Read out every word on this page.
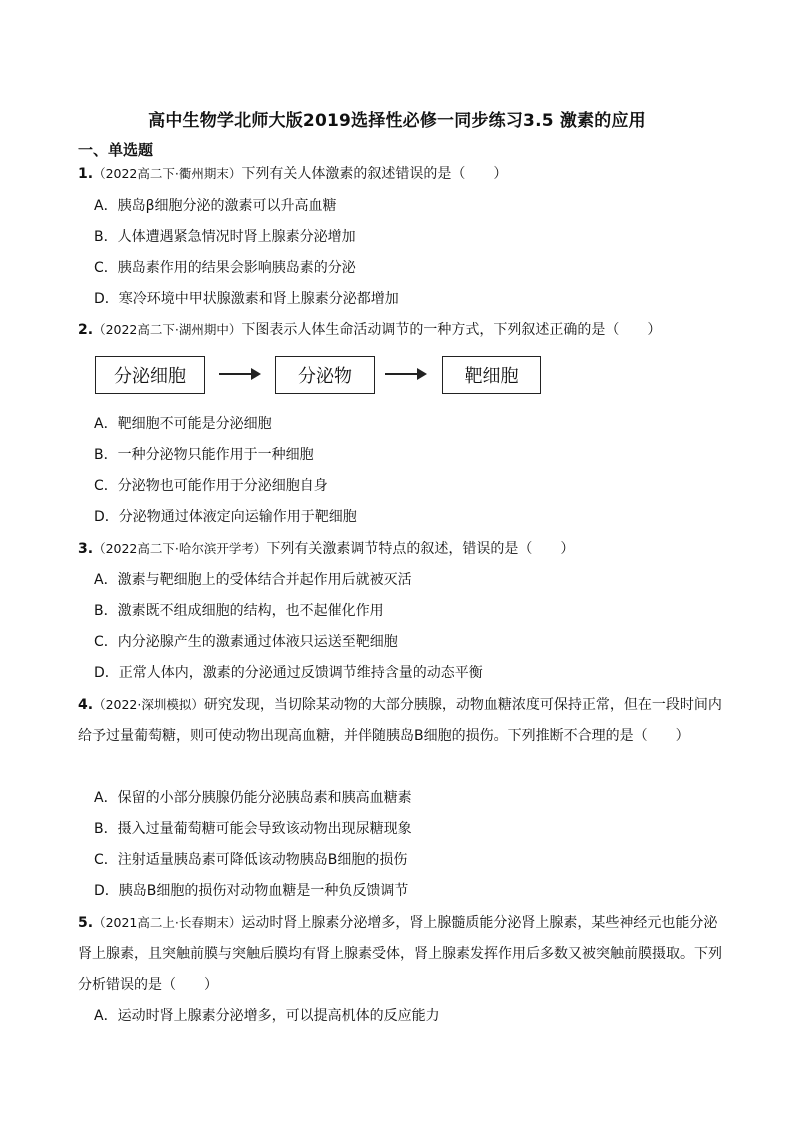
高中生物学北师大版2019选择性必修一同步练习3.5 激素的应用
一、单选题
1.（2022高二下·衢州期末）下列有关人体激素的叙述错误的是（　　）
A．胰岛β细胞分泌的激素可以升高血糖
B．人体遭遇紧急情况时肾上腺素分泌增加
C．胰岛素作用的结果会影响胰岛素的分泌
D．寒冷环境中甲状腺激素和肾上腺素分泌都增加
2.（2022高二下·湖州期中）下图表示人体生命活动调节的一种方式，下列叙述正确的是（　　）
分泌细胞	分泌物	靶细胞
A．靶细胞不可能是分泌细胞
B．一种分泌物只能作用于一种细胞
C．分泌物也可能作用于分泌细胞自身
D．分泌物通过体液定向运输作用于靶细胞
3.（2022高二下·哈尔滨开学考）下列有关激素调节特点的叙述，错误的是（　　）
A．激素与靶细胞上的受体结合并起作用后就被灭活
B．激素既不组成细胞的结构，也不起催化作用
C．内分泌腺产生的激素通过体液只运送至靶细胞
D．正常人体内，激素的分泌通过反馈调节维持含量的动态平衡
4.（2022·深圳模拟）研究发现，当切除某动物的大部分胰腺，动物血糖浓度可保持正常，但在一段时间内给予过量葡萄糖，则可使动物出现高血糖，并伴随胰岛B细胞的损伤。下列推断不合理的是（　　）
A．保留的小部分胰腺仍能分泌胰岛素和胰高血糖素
B．摄入过量葡萄糖可能会导致该动物出现尿糖现象
C．注射适量胰岛素可降低该动物胰岛B细胞的损伤
D．胰岛B细胞的损伤对动物血糖是一种负反馈调节
5.（2021高二上·长春期末）运动时肾上腺素分泌增多，肾上腺髓质能分泌肾上腺素，某些神经元也能分泌肾上腺素，且突触前膜与突触后膜均有肾上腺素受体，肾上腺素发挥作用后多数又被突触前膜摄取。下列分析错误的是（　　）
A．运动时肾上腺素分泌增多，可以提高机体的反应能力
